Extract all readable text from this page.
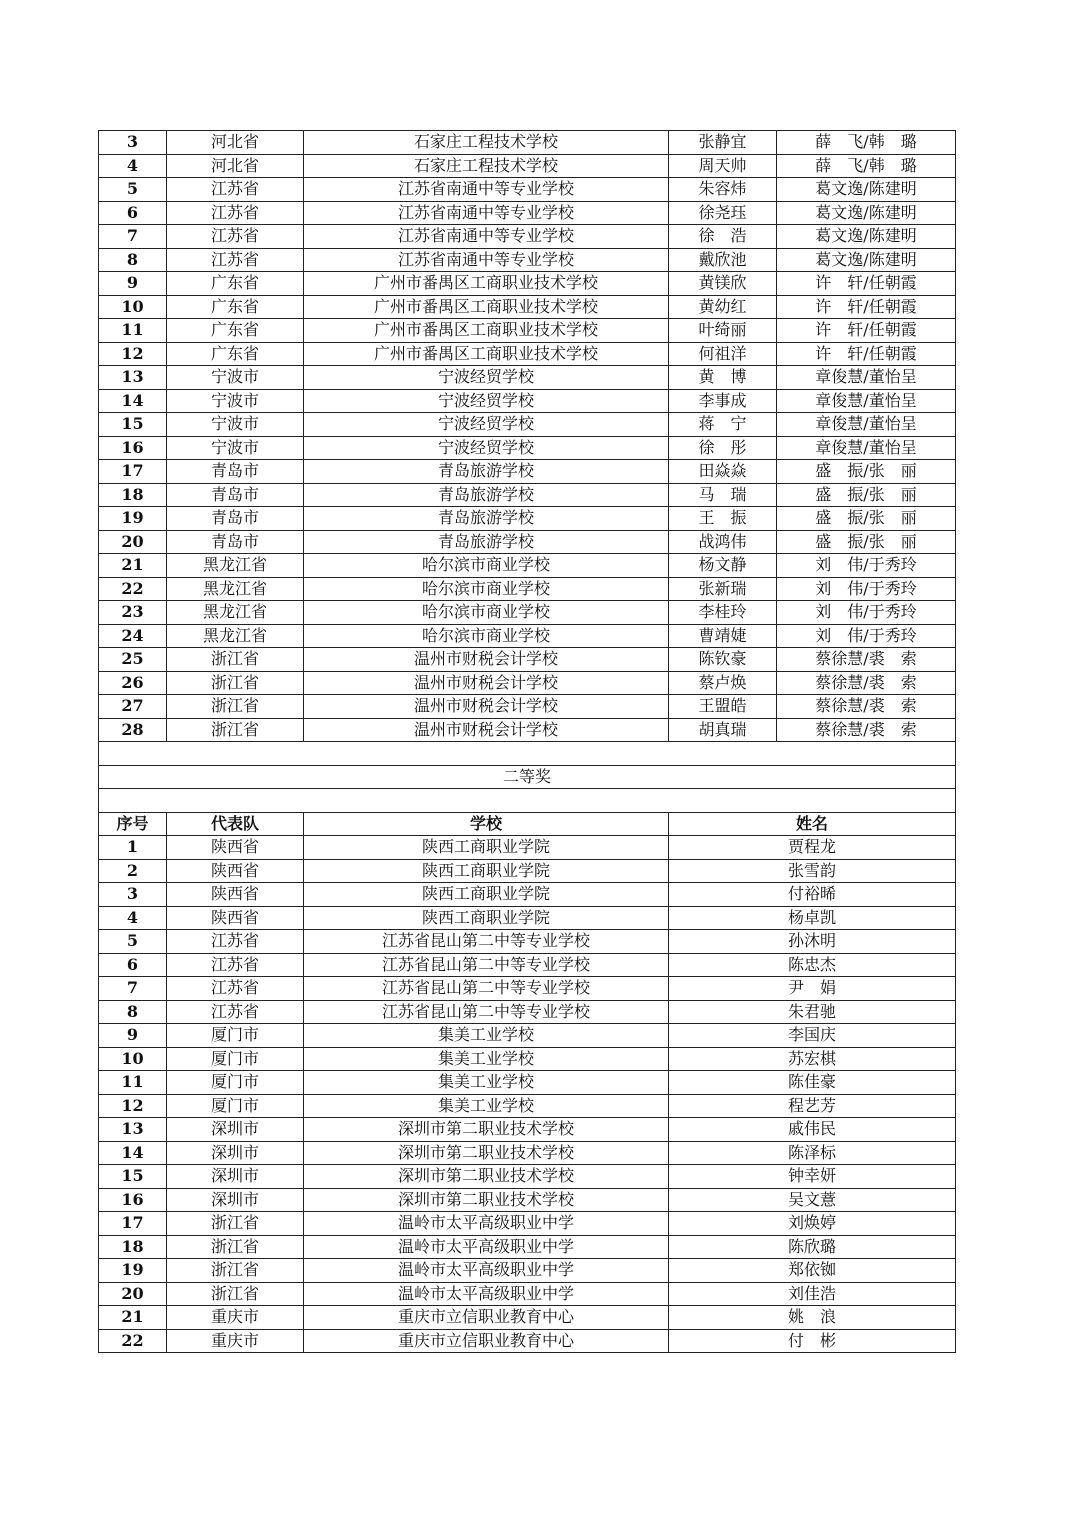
3	河北省	石家庄工程技术学校	张静宜	薛　飞/韩　璐
4	河北省	石家庄工程技术学校	周天帅	薛　飞/韩　璐
5	江苏省	江苏省南通中等专业学校	朱容炜	葛文逸/陈建明
6	江苏省	江苏省南通中等专业学校	徐尧珏	葛文逸/陈建明
7	江苏省	江苏省南通中等专业学校	徐　浩	葛文逸/陈建明
8	江苏省	江苏省南通中等专业学校	戴欣池	葛文逸/陈建明
9	广东省	广州市番禺区工商职业技术学校	黄镁欣	许　轩/任朝霞
10	广东省	广州市番禺区工商职业技术学校	黄幼红	许　轩/任朝霞
11	广东省	广州市番禺区工商职业技术学校	叶绮丽	许　轩/任朝霞
12	广东省	广州市番禺区工商职业技术学校	何祖洋	许　轩/任朝霞
13	宁波市	宁波经贸学校	黄　博	章俊慧/董怡呈
14	宁波市	宁波经贸学校	李事成	章俊慧/董怡呈
15	宁波市	宁波经贸学校	蒋　宁	章俊慧/董怡呈
16	宁波市	宁波经贸学校	徐　彤	章俊慧/董怡呈
17	青岛市	青岛旅游学校	田焱焱	盛　振/张　丽
18	青岛市	青岛旅游学校	马　瑞	盛　振/张　丽
19	青岛市	青岛旅游学校	王　振	盛　振/张　丽
20	青岛市	青岛旅游学校	战鸿伟	盛　振/张　丽
21	黑龙江省	哈尔滨市商业学校	杨文静	刘　伟/于秀玲
22	黑龙江省	哈尔滨市商业学校	张新瑞	刘　伟/于秀玲
23	黑龙江省	哈尔滨市商业学校	李桂玲	刘　伟/于秀玲
24	黑龙江省	哈尔滨市商业学校	曹靖婕	刘　伟/于秀玲
25	浙江省	温州市财税会计学校	陈钦豪	蔡徐慧/裘　索
26	浙江省	温州市财税会计学校	蔡卢焕	蔡徐慧/裘　索
27	浙江省	温州市财税会计学校	王盟皓	蔡徐慧/裘　索
28	浙江省	温州市财税会计学校	胡真瑞	蔡徐慧/裘　索

二等奖				

序号	代表队	学校	姓名	
1	陕西省	陕西工商职业学院	贾程龙	
2	陕西省	陕西工商职业学院	张雪韵	
3	陕西省	陕西工商职业学院	付裕晞	
4	陕西省	陕西工商职业学院	杨卓凯	
5	江苏省	江苏省昆山第二中等专业学校	孙沐明	
6	江苏省	江苏省昆山第二中等专业学校	陈忠杰	
7	江苏省	江苏省昆山第二中等专业学校	尹　娟	
8	江苏省	江苏省昆山第二中等专业学校	朱君驰	
9	厦门市	集美工业学校	李国庆	
10	厦门市	集美工业学校	苏宏棋	
11	厦门市	集美工业学校	陈佳豪	
12	厦门市	集美工业学校	程艺芳	
13	深圳市	深圳市第二职业技术学校	戚伟民	
14	深圳市	深圳市第二职业技术学校	陈泽标	
15	深圳市	深圳市第二职业技术学校	钟幸妍	
16	深圳市	深圳市第二职业技术学校	吴文薏	
17	浙江省	温岭市太平高级职业中学	刘焕婷	
18	浙江省	温岭市太平高级职业中学	陈欣璐	
19	浙江省	温岭市太平高级职业中学	郑依铷	
20	浙江省	温岭市太平高级职业中学	刘佳浩	
21	重庆市	重庆市立信职业教育中心	姚　浪	
22	重庆市	重庆市立信职业教育中心	付　彬	
